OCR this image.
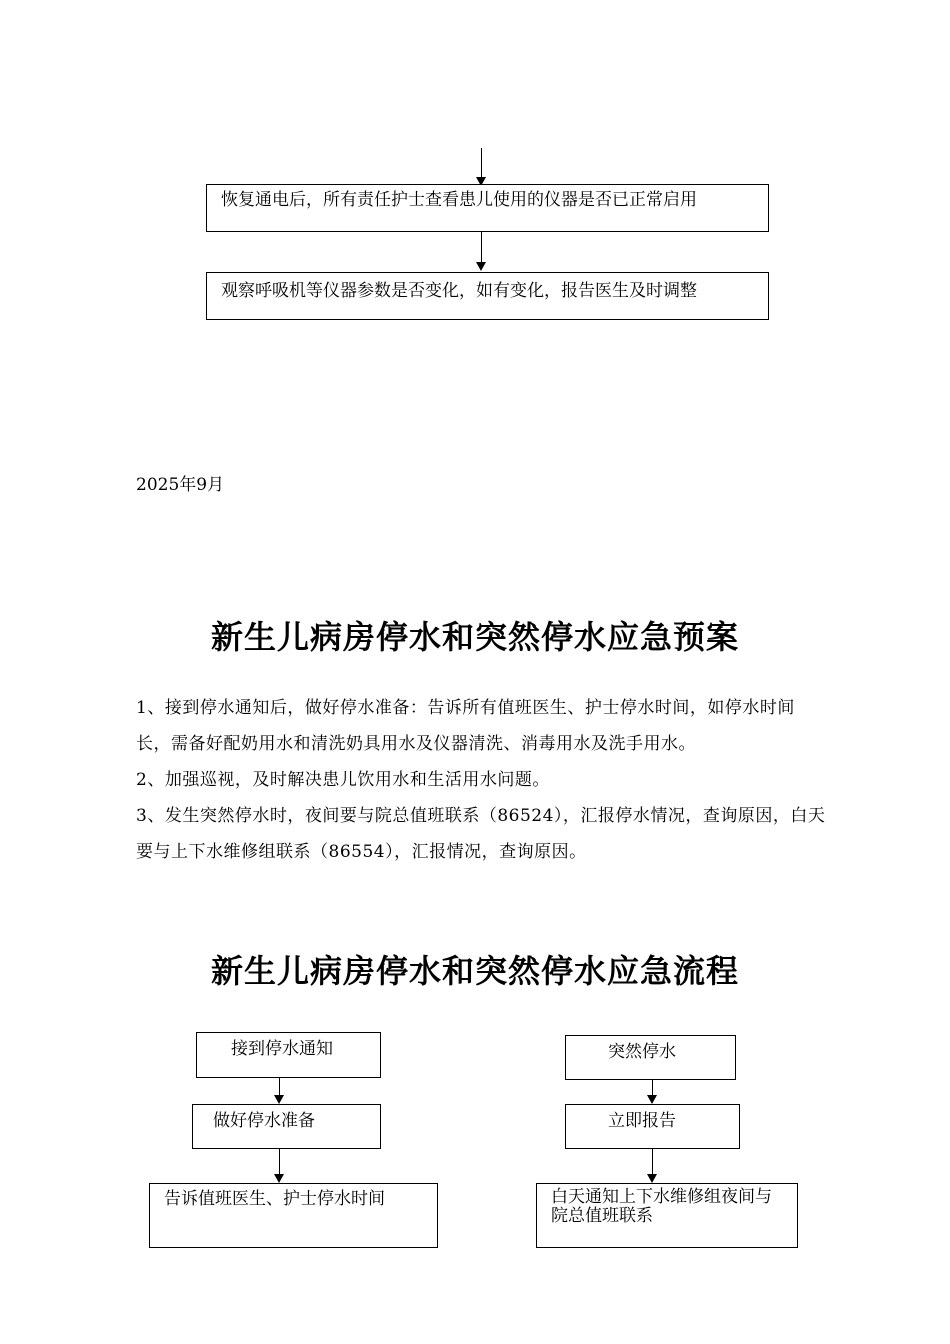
恢复通电后，所有责任护士查看患儿使用的仪器是否已正常启用
观察呼吸机等仪器参数是否变化，如有变化，报告医生及时调整
2025年9月
新生儿病房停水和突然停水应急预案
1、接到停水通知后，做好停水准备：告诉所有值班医生、护士停水时间，如停水时间长，需备好配奶用水和清洗奶具用水及仪器清洗、消毒用水及洗手用水。
2、加强巡视，及时解决患儿饮用水和生活用水问题。
3、发生突然停水时，夜间要与院总值班联系（86524），汇报停水情况，查询原因，白天要与上下水维修组联系（86554），汇报情况，查询原因。
新生儿病房停水和突然停水应急流程
接到停水通知
做好停水准备
告诉值班医生、护士停水时间
突然停水
立即报告
白天通知上下水维修组夜间与院总值班联系
